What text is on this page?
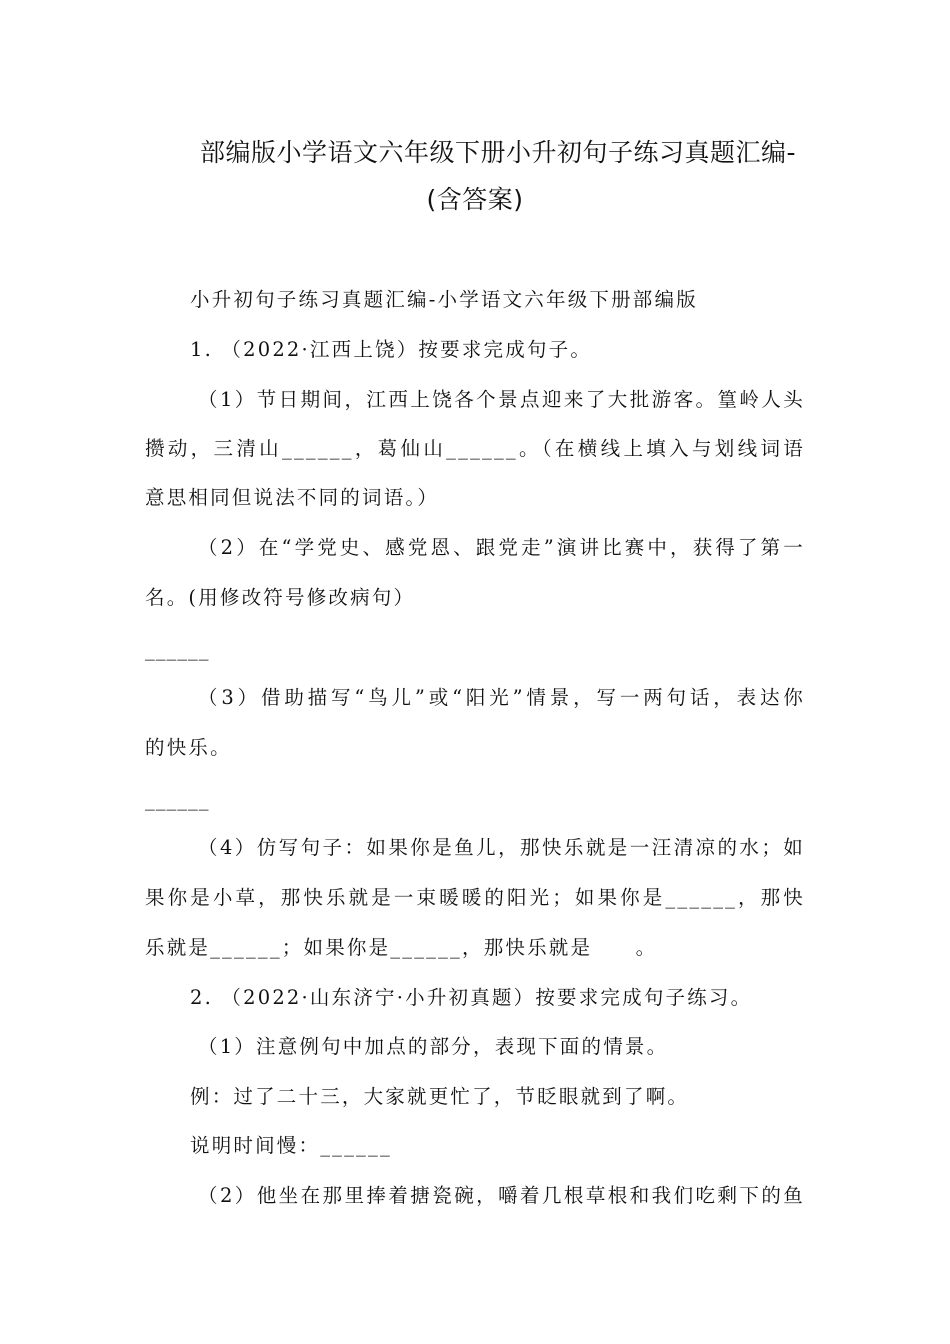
部编版小学语文六年级下册小升初句子练习真题汇编-
(含答案)
小升初句子练习真题汇编-小学语文六年级下册部编版
1. （2022·江西上饶）按要求完成句子。
（1）节日期间，江西上饶各个景点迎来了大批游客。篁岭人头
攒动，三清山______，葛仙山______。（在横线上填入与划线词语
意思相同但说法不同的词语。）
（2）在“学党史、感党恩、跟党走”演讲比赛中，获得了第一
名。(用修改符号修改病句）
______
（3）借助描写“鸟儿”或“阳光”情景，写一两句话，表达你
的快乐。
______
（4）仿写句子：如果你是鱼儿，那快乐就是一汪清凉的水；如
果你是小草，那快乐就是一束暖暖的阳光；如果你是______，那快
乐就是______；如果你是______，那快乐就是　　。
2. （2022·山东济宁·小升初真题）按要求完成句子练习。
（1）注意例句中加点的部分，表现下面的情景。
例：过了二十三，大家就更忙了，节眨眼就到了啊。
说明时间慢：______
（2）他坐在那里捧着搪瓷碗，嚼着几根草根和我们吃剩下的鱼
